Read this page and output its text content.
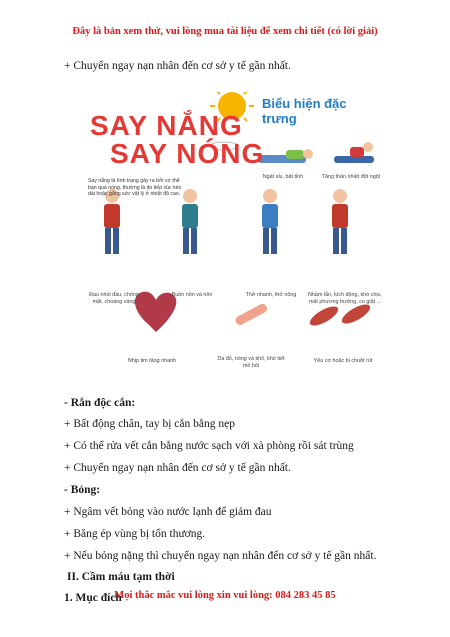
Đây là bản xem thử, vui lòng mua tài liệu để xem chi tiết (có lời giải)
+ Chuyển ngay nạn nhân đến cơ sở y tế gần nhất.
SAY NẮNG
SAY NÓNG
Biểu hiện đặc trưng
Say nắng là tình trạng gây ra bởi cơ thể bạn quá nóng, thường là do tiếp xúc kéo dài hoặc gắng sức vật lý ở nhiệt độ cao.
Ngất xỉu, bất tỉnh	Tăng thân nhiệt đột ngột
Đau nhói đầu, chóng mặt, choáng váng
Buồn nôn và nôn	Thở nhanh, thở nông	Nhầm lẫn, kích động, khó chịu, mất phương hướng, co giật ...
Nhịp tim tăng nhanh	Da đỏ, nóng và khô, khó tiết mồ hôi
Yếu cơ hoặc bị chuột rút
- Rắn độc cắn:
+ Bất động chân, tay bị cắn bằng nẹp
+ Có thể rửa vết cắn bằng nước sạch với xà phòng rồi sát trùng
+ Chuyển ngay nạn nhân đến cơ sở y tế gần nhất.
- Bỏng:
+ Ngâm vết bỏng vào nước lạnh để giảm đau
+ Băng ép vùng bị tổn thương.
+ Nếu bỏng nặng thì chuyển ngay nạn nhân đến cơ sở y tế gần nhất.
II. Cầm máu tạm thời
1. Mục đích
Mọi thắc mắc vui lòng xin vui lòng: 084 283 45 85
